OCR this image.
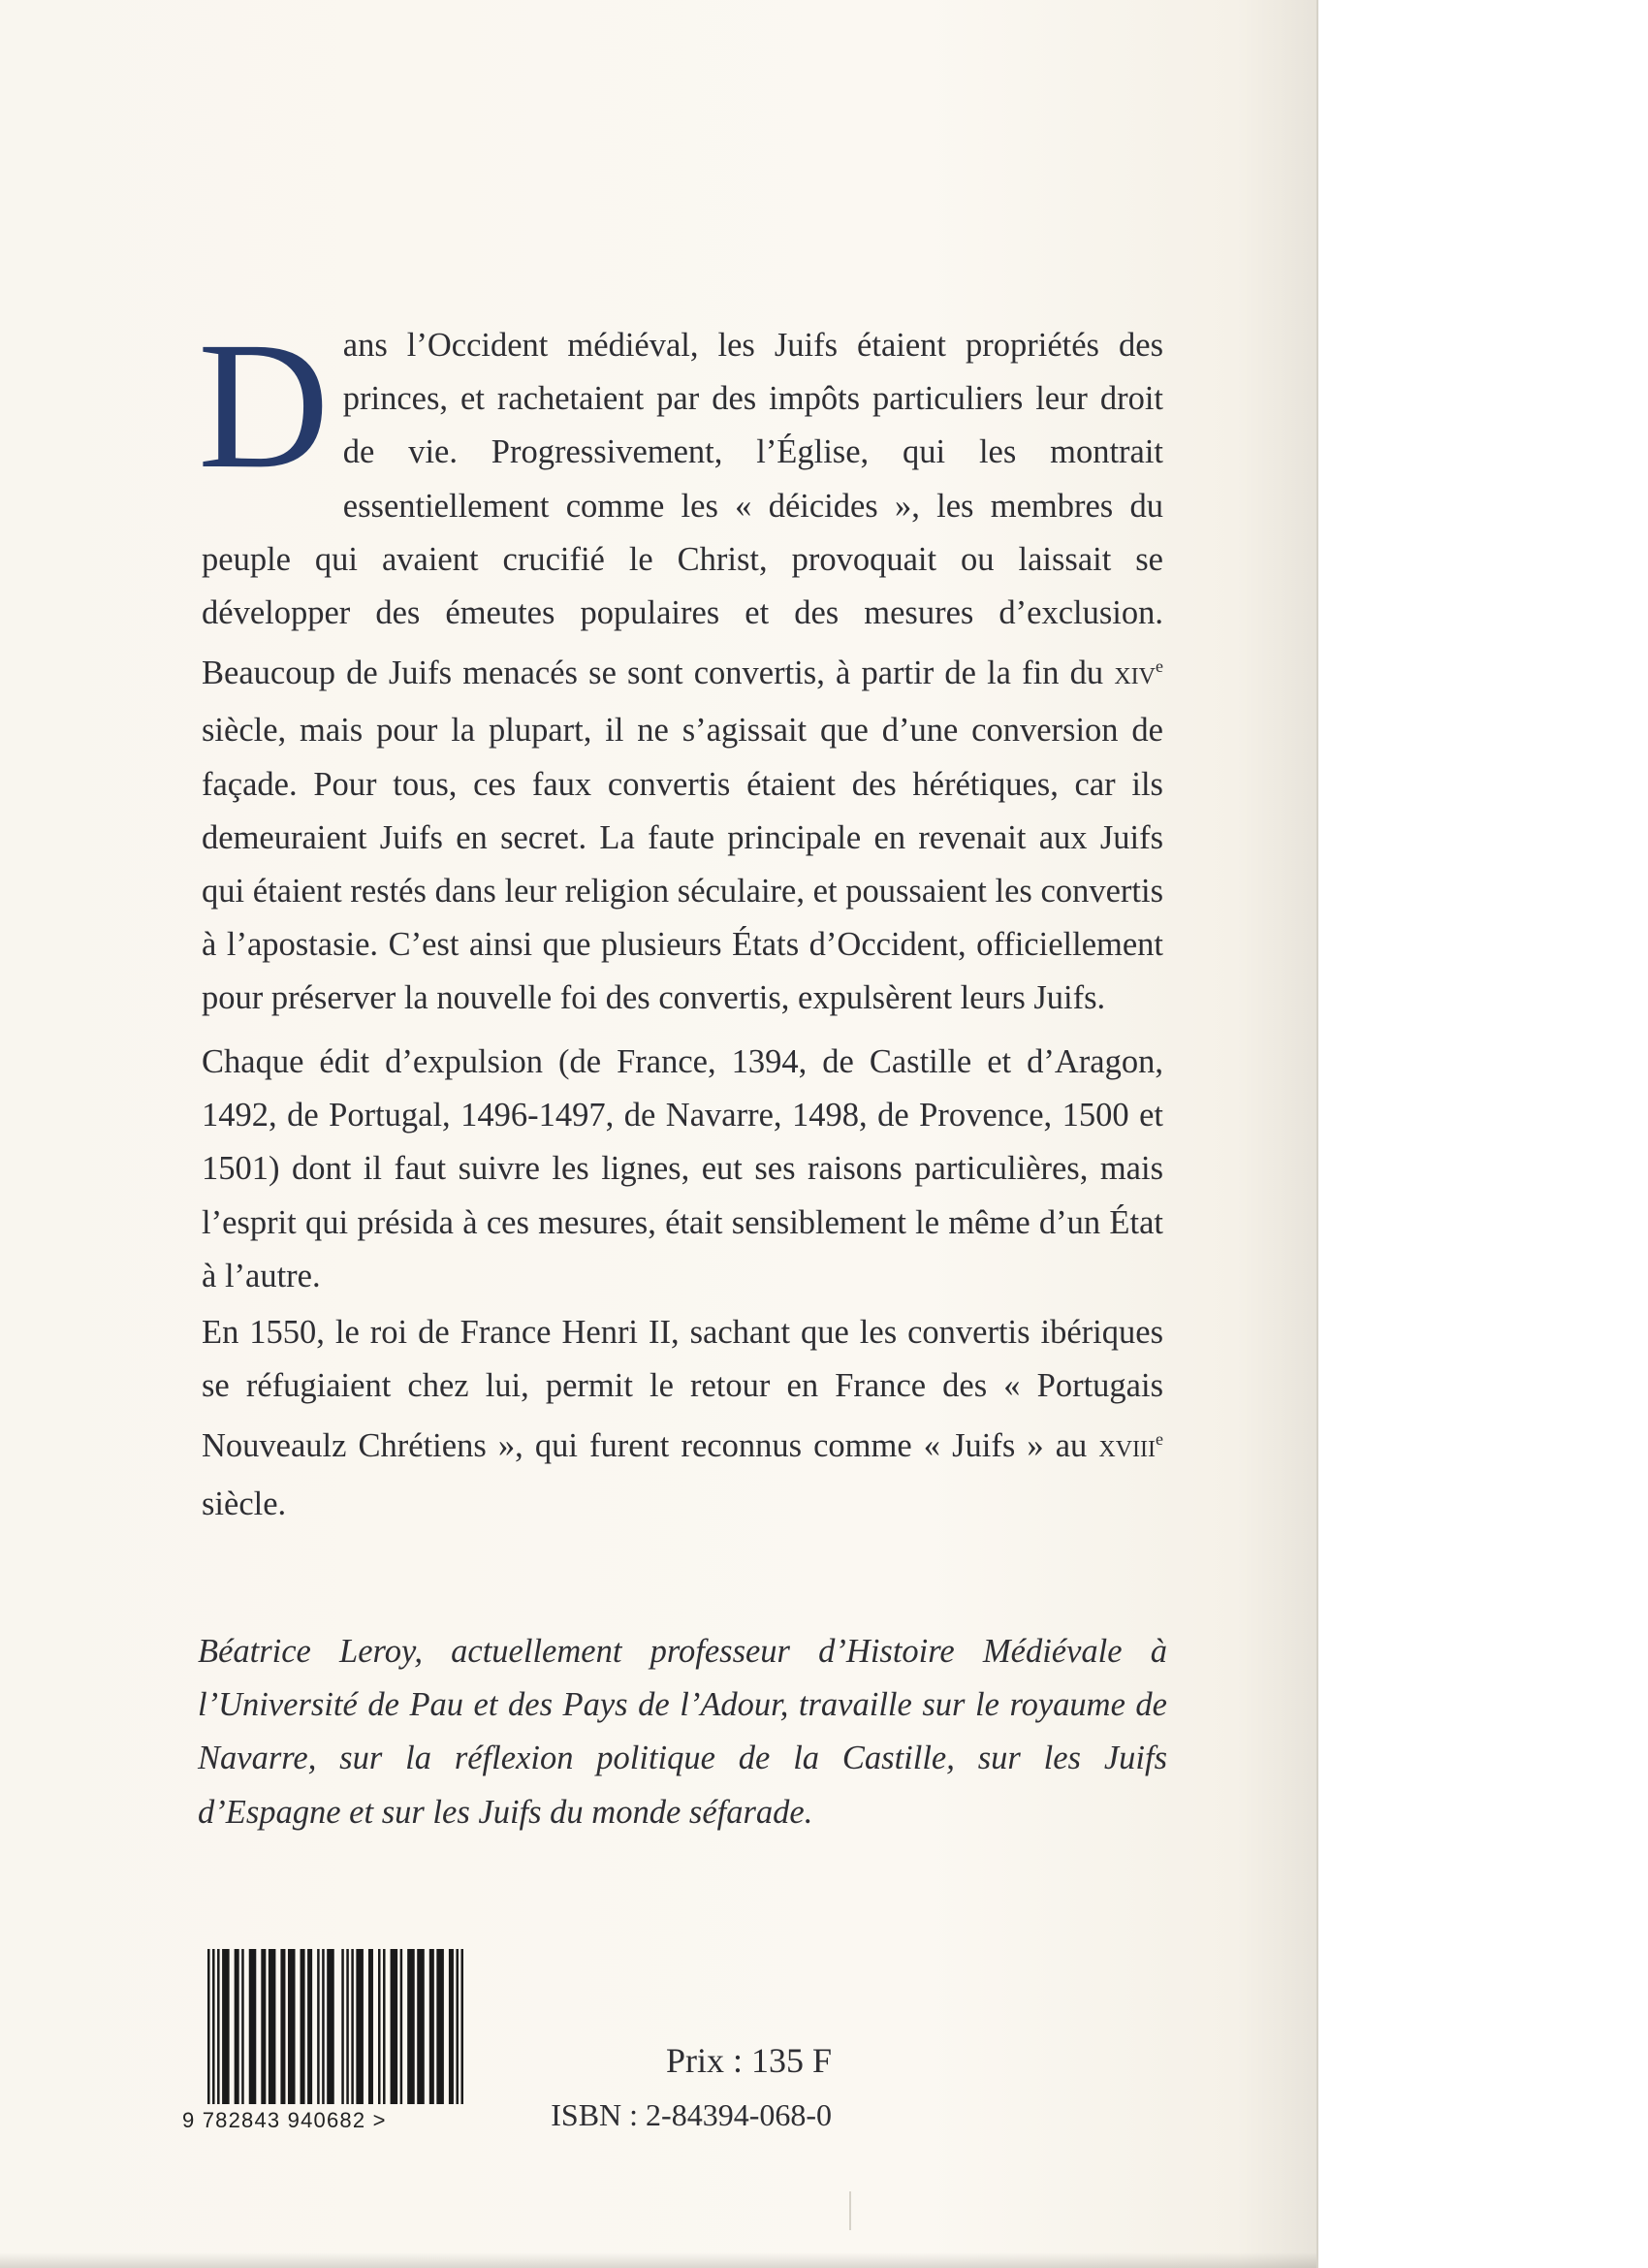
Dans l’Occident médiéval, les Juifs étaient propriétés des princes, et rachetaient par des impôts particuliers leur droit de vie. Progressivement, l’Église, qui les montrait essentiellement comme les « déicides », les membres du peuple qui avaient crucifié le Christ, provoquait ou laissait se développer des émeutes populaires et des mesures d’exclusion. Beaucoup de Juifs menacés se sont convertis, à partir de la fin du XIVe siècle, mais pour la plupart, il ne s’agissait que d’une conversion de façade. Pour tous, ces faux convertis étaient des hérétiques, car ils demeuraient Juifs en secret. La faute principale en revenait aux Juifs qui étaient restés dans leur religion séculaire, et poussaient les convertis à l’apostasie. C’est ainsi que plusieurs États d’Occident, officiellement pour préserver la nouvelle foi des convertis, expulsèrent leurs Juifs.
Chaque édit d’expulsion (de France, 1394, de Castille et d’Aragon, 1492, de Portugal, 1496-1497, de Navarre, 1498, de Provence, 1500 et 1501) dont il faut suivre les lignes, eut ses raisons particulières, mais l’esprit qui présida à ces mesures, était sensiblement le même d’un État à l’autre.
En 1550, le roi de France Henri II, sachant que les convertis ibériques se réfugiaient chez lui, permit le retour en France des « Portugais Nouveaulz Chrétiens », qui furent reconnus comme « Juifs » au XVIIIe siècle.
Béatrice Leroy, actuellement professeur d’Histoire Médiévale à l’Université de Pau et des Pays de l’Adour, travaille sur le royaume de Navarre, sur la réflexion politique de la Castille, sur les Juifs d’Espagne et sur les Juifs du monde séfarade.
9 782843 940682 >
Prix : 135 F
ISBN : 2-84394-068-0
